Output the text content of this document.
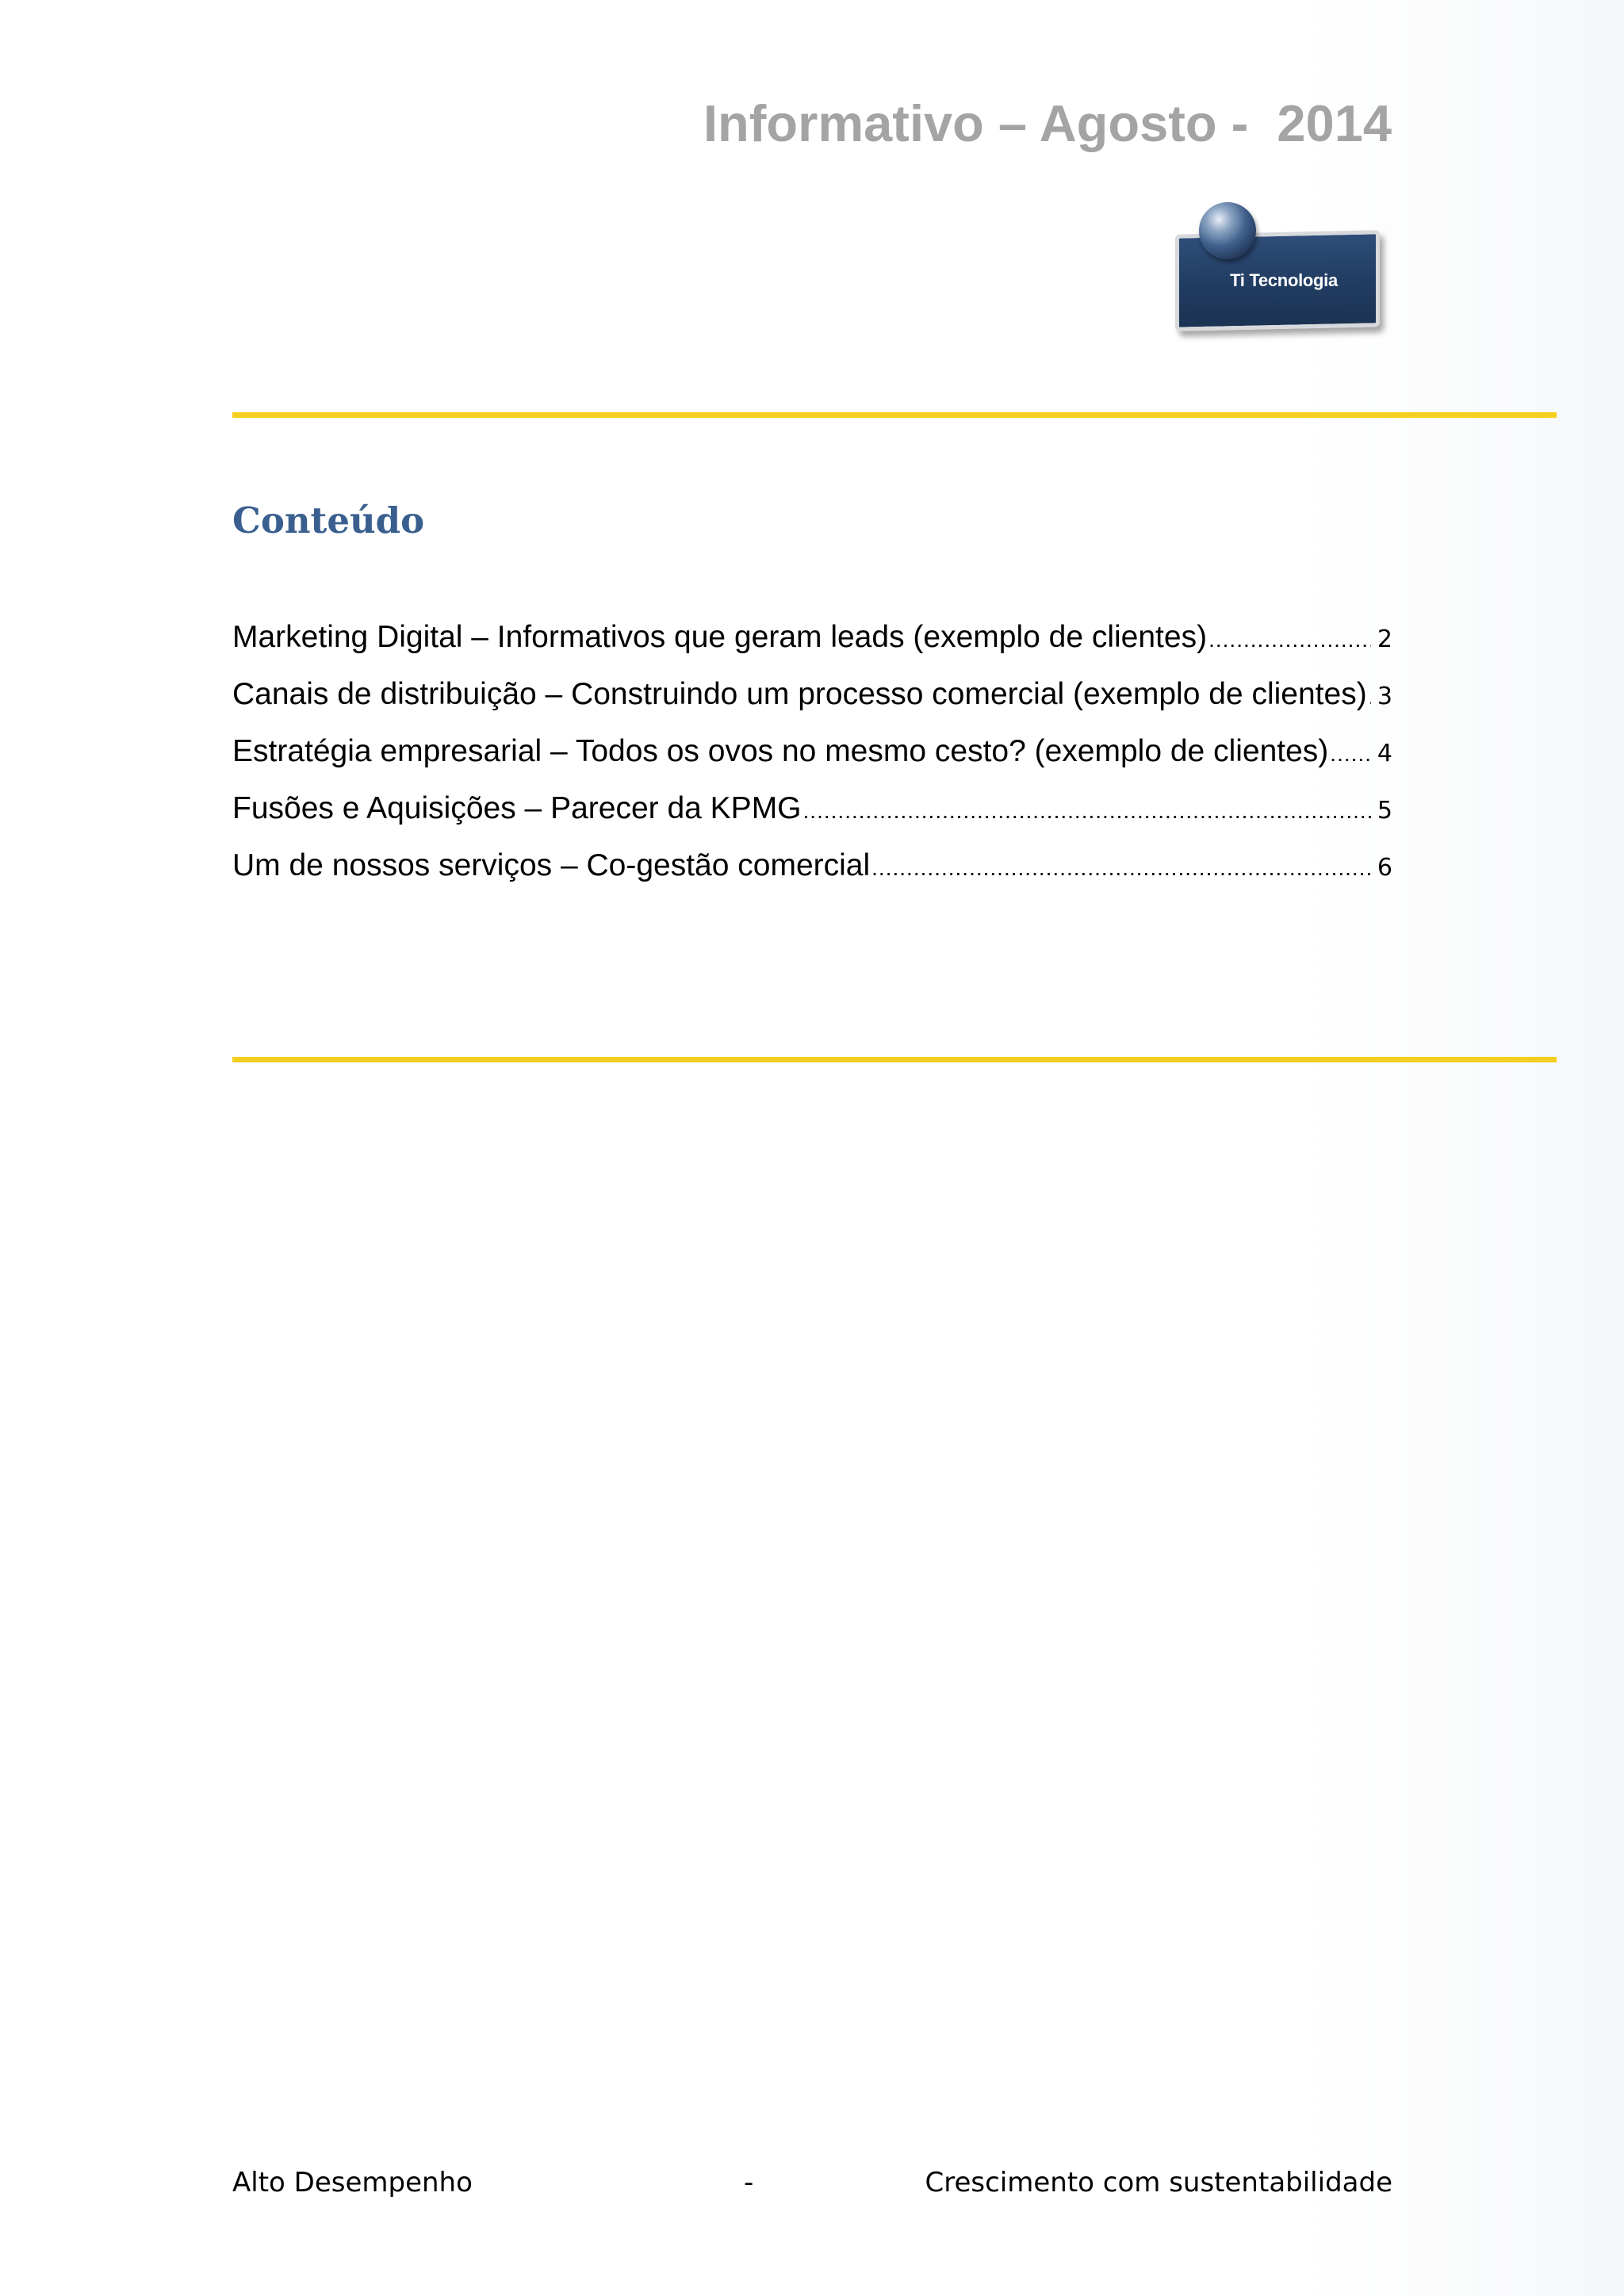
Informativo – Agosto -  2014
Ti Tecnologia
Conteúdo
Marketing Digital – Informativos que geram leads (exemplo de clientes) .....	2
Canais de distribuição – Construindo um processo comercial (exemplo de clientes) ..... 3
Estratégia empresarial – Todos os ovos no mesmo cesto? (exemplo de clientes) ..... 4
Fusões e Aquisições – Parecer da KPMG .....	5
Um de nossos serviços – Co-gestão comercial .....	6
Alto Desempenho	-	Crescimento com sustentabilidade
